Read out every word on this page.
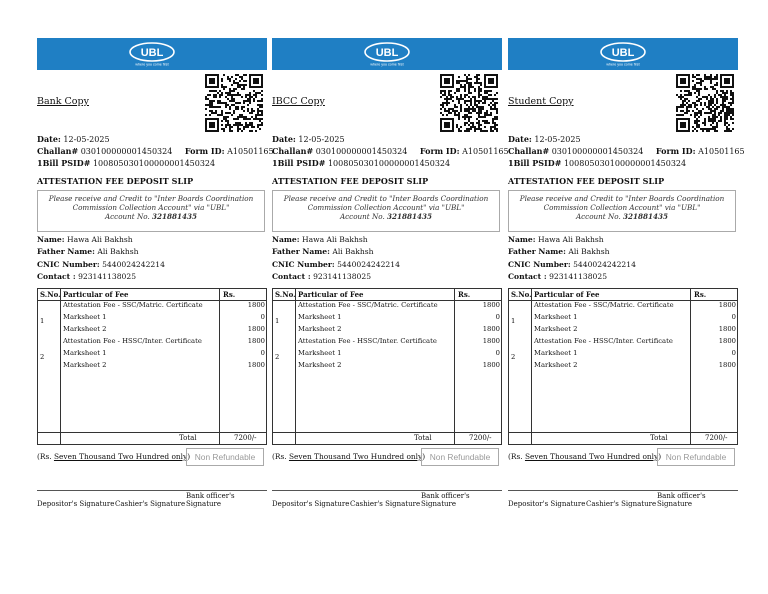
UBL
where you come first
Bank Copy
Date: 12-05-2025
Challan# 030100000001450324 Form ID: A10501165
1Bill PSID# 100805030100000001450324
ATTESTATION FEE DEPOSIT SLIP
Please receive and Credit to "Inter Boards Coordination
Commission Collection Account" via "UBL"
Account No. 321881435
Name: Hawa Ali Bakhsh
Father Name: Ali Bakhsh
CNIC Number: 5440024242214
Contact : 923141138025
S.No. Particular of Fee	Rs.
Attestation Fee - SSC/Matric. Certificate	1800
1	Marksheet 1	0
Marksheet 2	1800
Attestation Fee - HSSC/Inter. Certificate	1800
2	Marksheet 1	0
Marksheet 2	1800
Total	7200/-
(Rs. Seven Thousand Two Hundred only) Non Refundable
Depositor's Signature Cashier's Signature
Bank officer's
Signature
UBL
where you come first
IBCC Copy
Date: 12-05-2025
Challan# 030100000001450324 Form ID: A10501165
1Bill PSID# 100805030100000001450324
ATTESTATION FEE DEPOSIT SLIP
Please receive and Credit to "Inter Boards Coordination
Commission Collection Account" via "UBL"
Account No. 321881435
Name: Hawa Ali Bakhsh
Father Name: Ali Bakhsh
CNIC Number: 5440024242214
Contact : 923141138025
S.No. Particular of Fee	Rs.
Attestation Fee - SSC/Matric. Certificate	1800
1	Marksheet 1	0
Marksheet 2	1800
Attestation Fee - HSSC/Inter. Certificate	1800
2	Marksheet 1	0
Marksheet 2	1800
Total	7200/-
(Rs. Seven Thousand Two Hundred only) Non Refundable
Depositor's Signature Cashier's Signature
Bank officer's
Signature
UBL
where you come first
Student Copy
Date: 12-05-2025
Challan# 030100000001450324 Form ID: A10501165
1Bill PSID# 100805030100000001450324
ATTESTATION FEE DEPOSIT SLIP
Please receive and Credit to "Inter Boards Coordination
Commission Collection Account" via "UBL"
Account No. 321881435
Name: Hawa Ali Bakhsh
Father Name: Ali Bakhsh
CNIC Number: 5440024242214
Contact : 923141138025
S.No. Particular of Fee	Rs.
Attestation Fee - SSC/Matric. Certificate	1800
1	Marksheet 1	0
Marksheet 2	1800
Attestation Fee - HSSC/Inter. Certificate	1800
2	Marksheet 1	0
Marksheet 2	1800
Total	7200/-
(Rs. Seven Thousand Two Hundred only) Non Refundable
Depositor's Signature Cashier's Signature
Bank officer's
Signature
